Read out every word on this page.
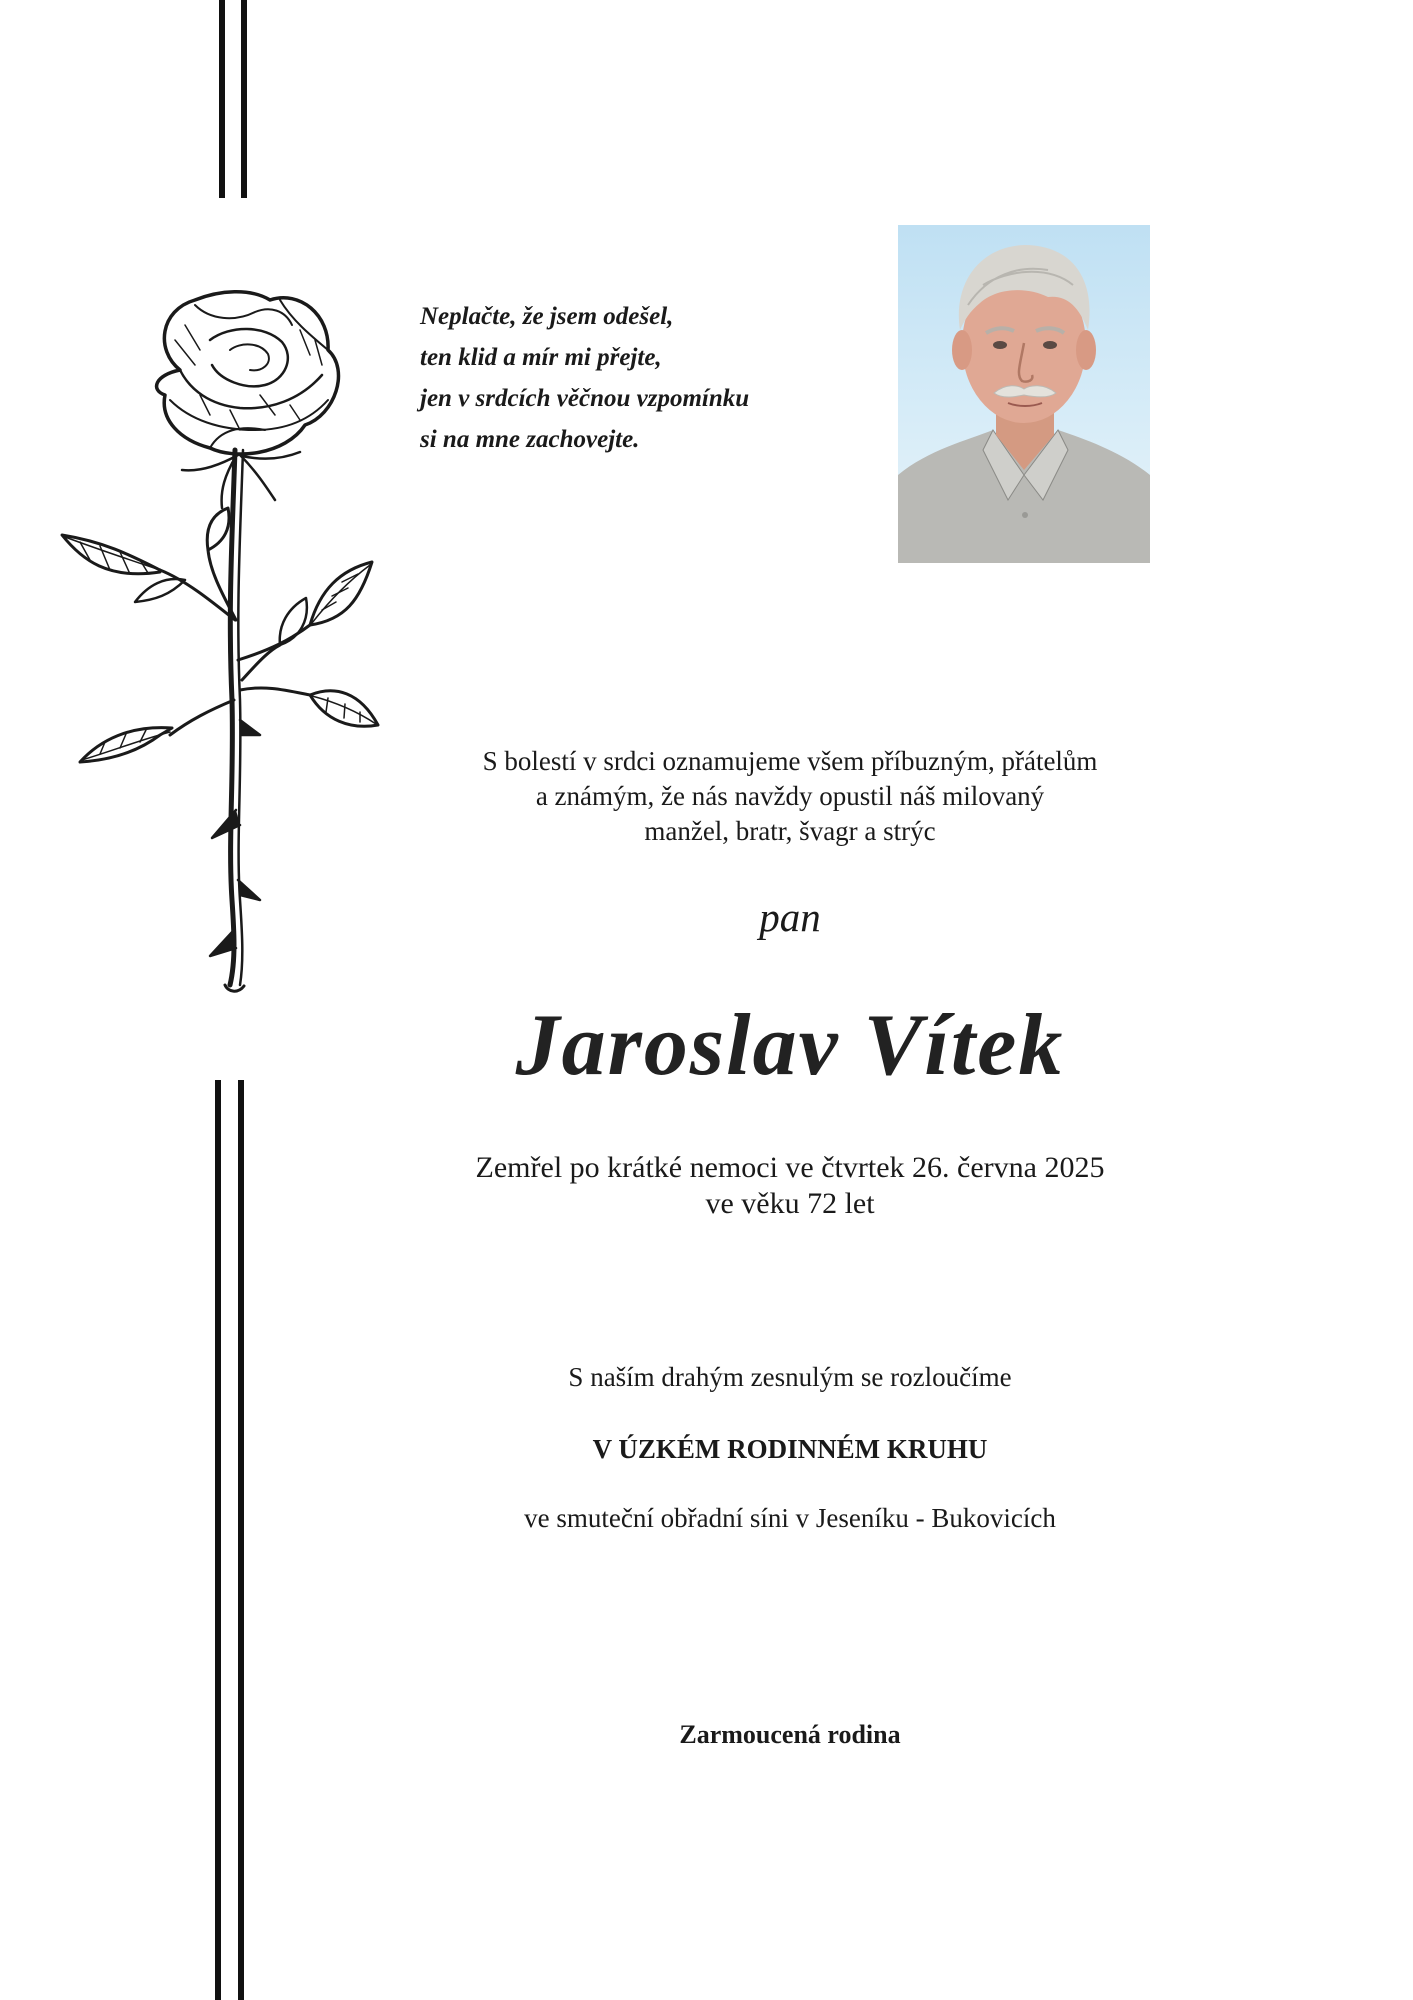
Neplačte, že jsem odešel,
ten klid a mír mi přejte,
jen v srdcích věčnou vzpomínku
si na mne zachovejte.
S bolestí v srdci oznamujeme všem příbuzným, přátelům
a známým, že nás navždy opustil náš milovaný
manžel, bratr, švagr a strýc
pan
Jaroslav Vítek
Zemřel po krátké nemoci ve čtvrtek 26. června 2025
ve věku 72 let
S naším drahým zesnulým se rozloučíme
V ÚZKÉM RODINNÉM KRUHU
ve smuteční obřadní síni v Jeseníku - Bukovicích
Zarmoucená rodina
